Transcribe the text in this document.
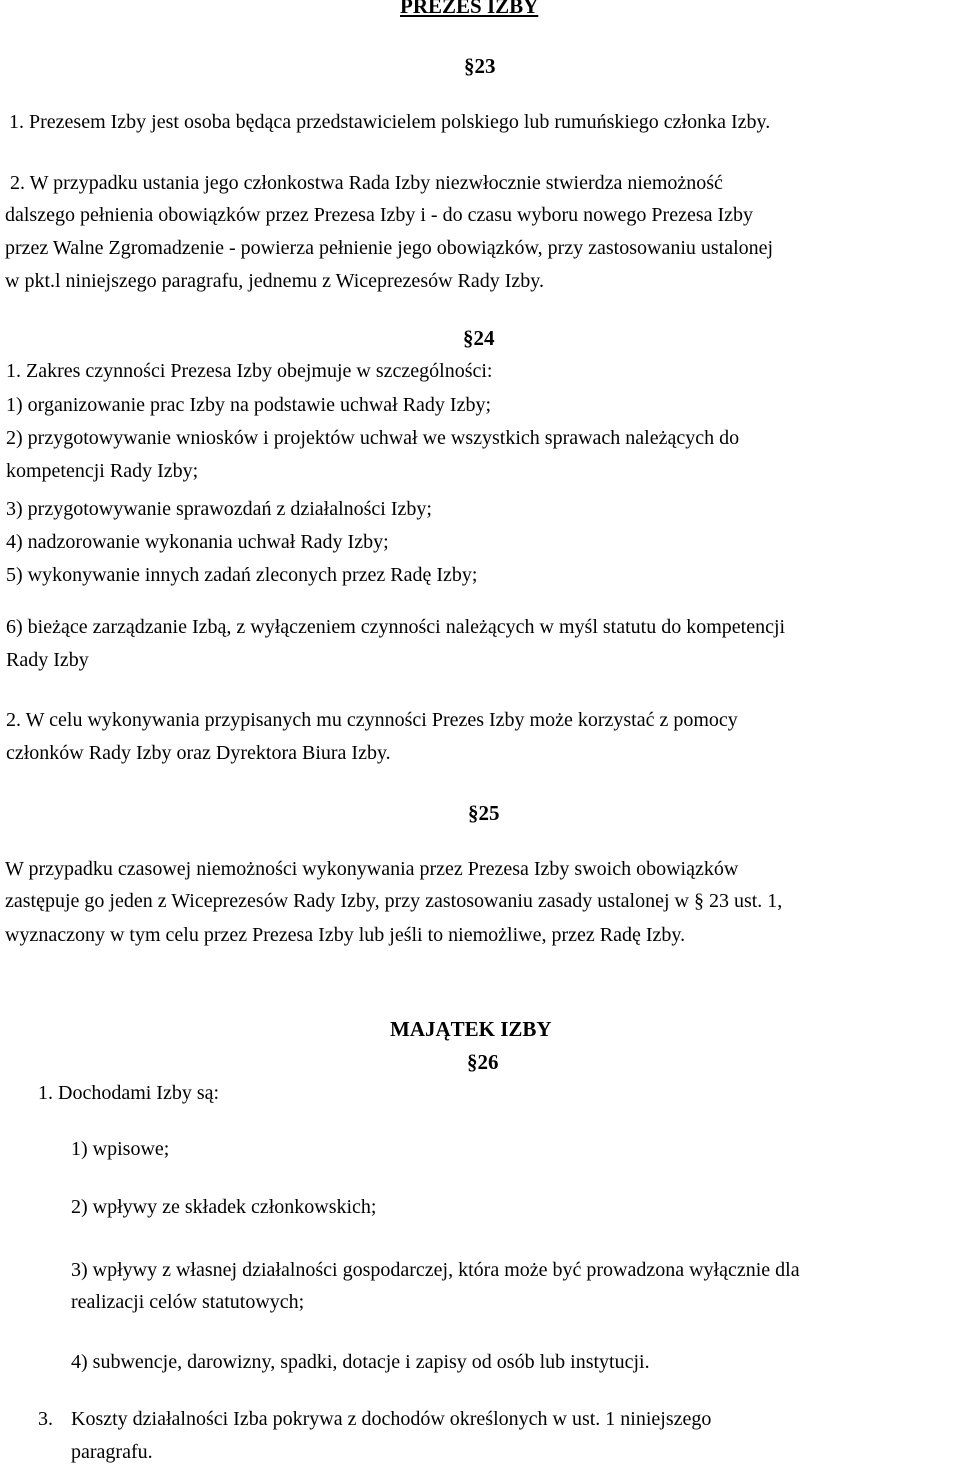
PREZES IZBY
§23
1. Prezesem Izby jest osoba będąca przedstawicielem polskiego lub rumuńskiego członka Izby.
2. W przypadku ustania jego członkostwa Rada Izby niezwłocznie stwierdza niemożność
dalszego pełnienia obowiązków przez Prezesa Izby i - do czasu wyboru nowego Prezesa Izby
przez Walne Zgromadzenie - powierza pełnienie jego obowiązków, przy zastosowaniu ustalonej
w pkt.l niniejszego paragrafu, jednemu z Wiceprezesów Rady Izby.
§24
1. Zakres czynności Prezesa Izby obejmuje w szczególności:
1) organizowanie prac Izby na podstawie uchwał Rady Izby;
2) przygotowywanie wniosków i projektów uchwał we wszystkich sprawach należących do
kompetencji Rady Izby;
3) przygotowywanie sprawozdań z działalności Izby;
4) nadzorowanie wykonania uchwał Rady Izby;
5) wykonywanie innych zadań zleconych przez Radę Izby;
6) bieżące zarządzanie Izbą, z wyłączeniem czynności należących w myśl statutu do kompetencji
Rady Izby
2. W celu wykonywania przypisanych mu czynności Prezes Izby może korzystać z pomocy
członków Rady Izby oraz Dyrektora Biura Izby.
§25
W przypadku czasowej niemożności wykonywania przez Prezesa Izby swoich obowiązków
zastępuje go jeden z Wiceprezesów Rady Izby, przy zastosowaniu zasady ustalonej w § 23 ust. 1,
wyznaczony w tym celu przez Prezesa Izby lub jeśli to niemożliwe, przez Radę Izby.
MAJĄTEK IZBY
§26
1. Dochodami Izby są:
1) wpisowe;
2) wpływy ze składek członkowskich;
3) wpływy z własnej działalności gospodarczej, która może być prowadzona wyłącznie dla
realizacji celów statutowych;
4) subwencje, darowizny, spadki, dotacje i zapisy od osób lub instytucji.
3. Koszty działalności Izba pokrywa z dochodów określonych w ust. 1 niniejszego
paragrafu.
